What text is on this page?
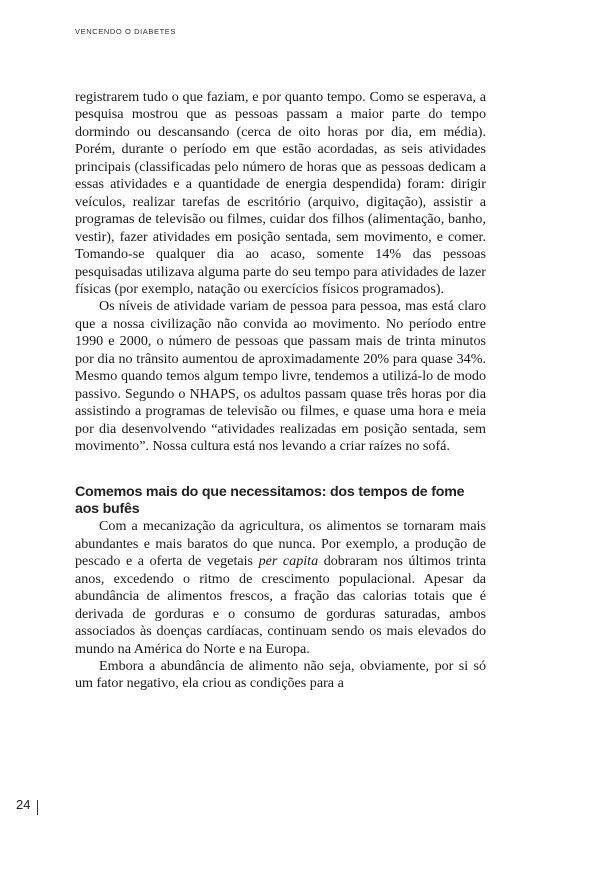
VENCENDO O DIABETES

registrarem tudo o que faziam, e por quanto tempo. Como se esperava, a pesquisa mostrou que as pessoas passam a maior parte do tempo dormindo ou descansando (cerca de oito horas por dia, em média). Porém, durante o período em que estão acordadas, as seis atividades principais (classificadas pelo número de horas que as pessoas dedicam a essas atividades e a quantidade de energia despendida) foram: dirigir veículos, realizar tarefas de escritório (arquivo, digitação), assistir a programas de televisão ou filmes, cuidar dos filhos (alimentação, banho, vestir), fazer atividades em posição sentada, sem movimento, e comer. Tomando-se qualquer dia ao acaso, somente 14% das pessoas pesquisadas utilizava alguma parte do seu tempo para atividades de lazer físicas (por exemplo, natação ou exercícios físicos programados).

Os níveis de atividade variam de pessoa para pessoa, mas está claro que a nossa civilização não convida ao movimento. No período entre 1990 e 2000, o número de pessoas que passam mais de trinta minutos por dia no trânsito aumentou de aproximadamente 20% para quase 34%. Mesmo quando temos algum tempo livre, tendemos a utilizá-lo de modo passivo. Segundo o NHAPS, os adultos passam quase três horas por dia assistindo a programas de televisão ou filmes, e quase uma hora e meia por dia desenvolvendo “atividades realizadas em posição sentada, sem movimento”. Nossa cultura está nos levando a criar raízes no sofá.

Comemos mais do que necessitamos: dos tempos de fome aos bufês

Com a mecanização da agricultura, os alimentos se tornaram mais abundantes e mais baratos do que nunca. Por exemplo, a produção de pescado e a oferta de vegetais per capita dobraram nos últimos trinta anos, excedendo o ritmo de crescimento populacional. Apesar da abundância de alimentos frescos, a fração das calorias totais que é derivada de gorduras e o consumo de gorduras saturadas, ambos associados às doenças cardíacas, continuam sendo os mais elevados do mundo na América do Norte e na Europa.

Embora a abundância de alimento não seja, obviamente, por si só um fator negativo, ela criou as condições para a

24
